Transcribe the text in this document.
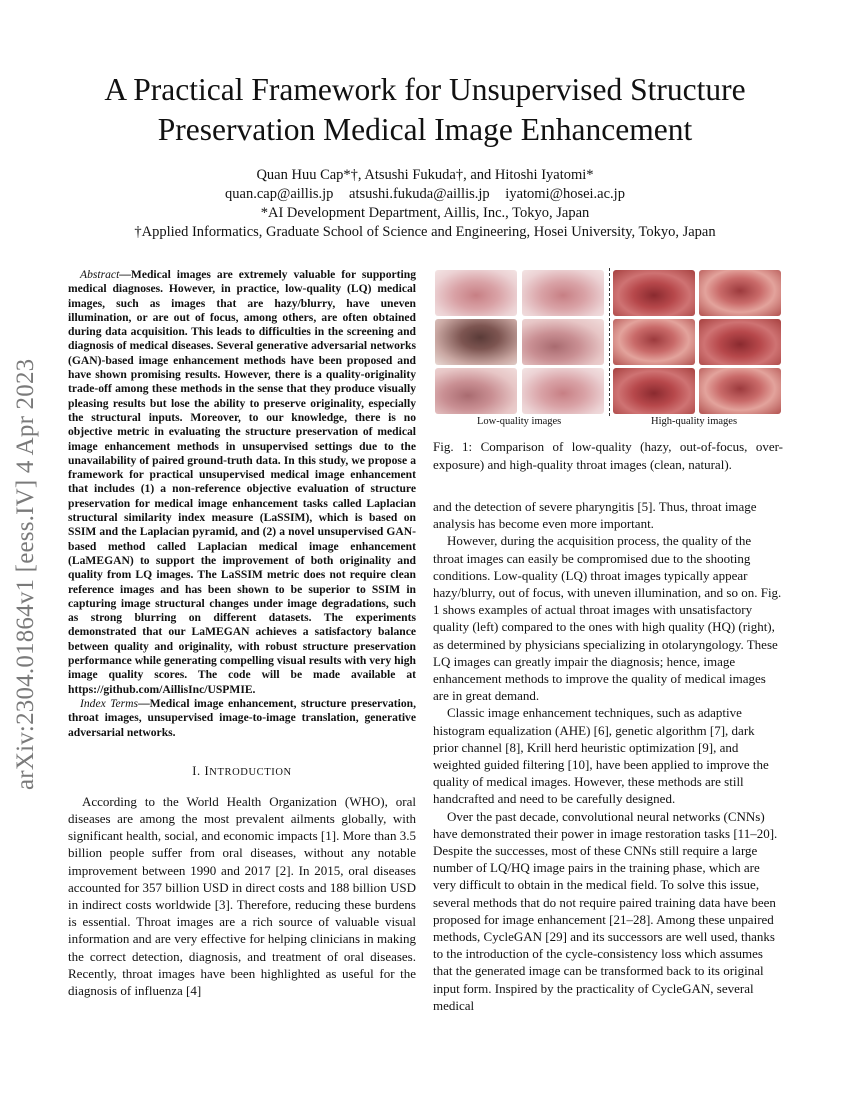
arXiv:2304.01864v1 [eess.IV] 4 Apr 2023
A Practical Framework for Unsupervised Structure
Preservation Medical Image Enhancement
Quan Huu Cap*†, Atsushi Fukuda†, and Hitoshi Iyatomi*
quan.cap@aillis.jp atsushi.fukuda@aillis.jp iyatomi@hosei.ac.jp
*AI Development Department, Aillis, Inc., Tokyo, Japan
†Applied Informatics, Graduate School of Science and Engineering, Hosei University, Tokyo, Japan

Abstract—Medical images are extremely valuable for supporting medical diagnoses. However, in practice, low-quality (LQ) medical images, such as images that are hazy/blurry, have uneven illumination, or are out of focus, among others, are often obtained during data acquisition. This leads to difficulties in the screening and diagnosis of medical diseases. Several generative adversarial networks (GAN)-based image enhancement methods have been proposed and have shown promising results. However, there is a quality-originality trade-off among these methods in the sense that they produce visually pleasing results but lose the ability to preserve originality, especially the structural inputs. Moreover, to our knowledge, there is no objective metric in evaluating the structure preservation of medical image enhancement methods in unsupervised settings due to the unavailability of paired ground-truth data. In this study, we propose a framework for practical unsupervised medical image enhancement that includes (1) a non-reference objective evaluation of structure preservation for medical image enhancement tasks called Laplacian structural similarity index measure (LaSSIM), which is based on SSIM and the Laplacian pyramid, and (2) a novel unsupervised GAN-based method called Laplacian medical image enhancement (LaMEGAN) to support the improvement of both originality and quality from LQ images. The LaSSIM metric does not require clean reference images and has been shown to be superior to SSIM in capturing image structural changes under image degradations, such as strong blurring on different datasets. The experiments demonstrated that our LaMEGAN achieves a satisfactory balance between quality and originality, with robust structure preservation performance while generating compelling visual results with very high image quality scores. The code will be made available at https://github.com/AillisInc/USPMIE.

Index Terms—Medical image enhancement, structure preservation, throat images, unsupervised image-to-image translation, generative adversarial networks.

I. INTRODUCTION

According to the World Health Organization (WHO), oral diseases are among the most prevalent ailments globally, with significant health, social, and economic impacts [1]. More than 3.5 billion people suffer from oral diseases, without any notable improvement between 1990 and 2017 [2]. In 2015, oral diseases accounted for 357 billion USD in direct costs and 188 billion USD in indirect costs worldwide [3]. Therefore, reducing these burdens is essential. Throat images are a rich source of valuable visual information and are very effective for helping clinicians in making the correct detection, diagnosis, and treatment of oral diseases. Recently, throat images have been highlighted as useful for the diagnosis of influenza [4]

Low-quality images	High-quality images

Fig. 1: Comparison of low-quality (hazy, out-of-focus, over-exposure) and high-quality throat images (clean, natural).

and the detection of severe pharyngitis [5]. Thus, throat image analysis has become even more important.

However, during the acquisition process, the quality of the throat images can easily be compromised due to the shooting conditions. Low-quality (LQ) throat images typically appear hazy/blurry, out of focus, with uneven illumination, and so on. Fig. 1 shows examples of actual throat images with unsatisfactory quality (left) compared to the ones with high quality (HQ) (right), as determined by physicians specializing in otolaryngology. These LQ images can greatly impair the diagnosis; hence, image enhancement methods to improve the quality of medical images are in great demand.

Classic image enhancement techniques, such as adaptive histogram equalization (AHE) [6], genetic algorithm [7], dark prior channel [8], Krill herd heuristic optimization [9], and weighted guided filtering [10], have been applied to improve the quality of medical images. However, these methods are still handcrafted and need to be carefully designed.

Over the past decade, convolutional neural networks (CNNs) have demonstrated their power in image restoration tasks [11–20]. Despite the successes, most of these CNNs still require a large number of LQ/HQ image pairs in the training phase, which are very difficult to obtain in the medical field. To solve this issue, several methods that do not require paired training data have been proposed for image enhancement [21–28]. Among these unpaired methods, CycleGAN [29] and its successors are well used, thanks to the introduction of the cycle-consistency loss which assumes that the generated image can be transformed back to its original input form. Inspired by the practicality of CycleGAN, several medical
